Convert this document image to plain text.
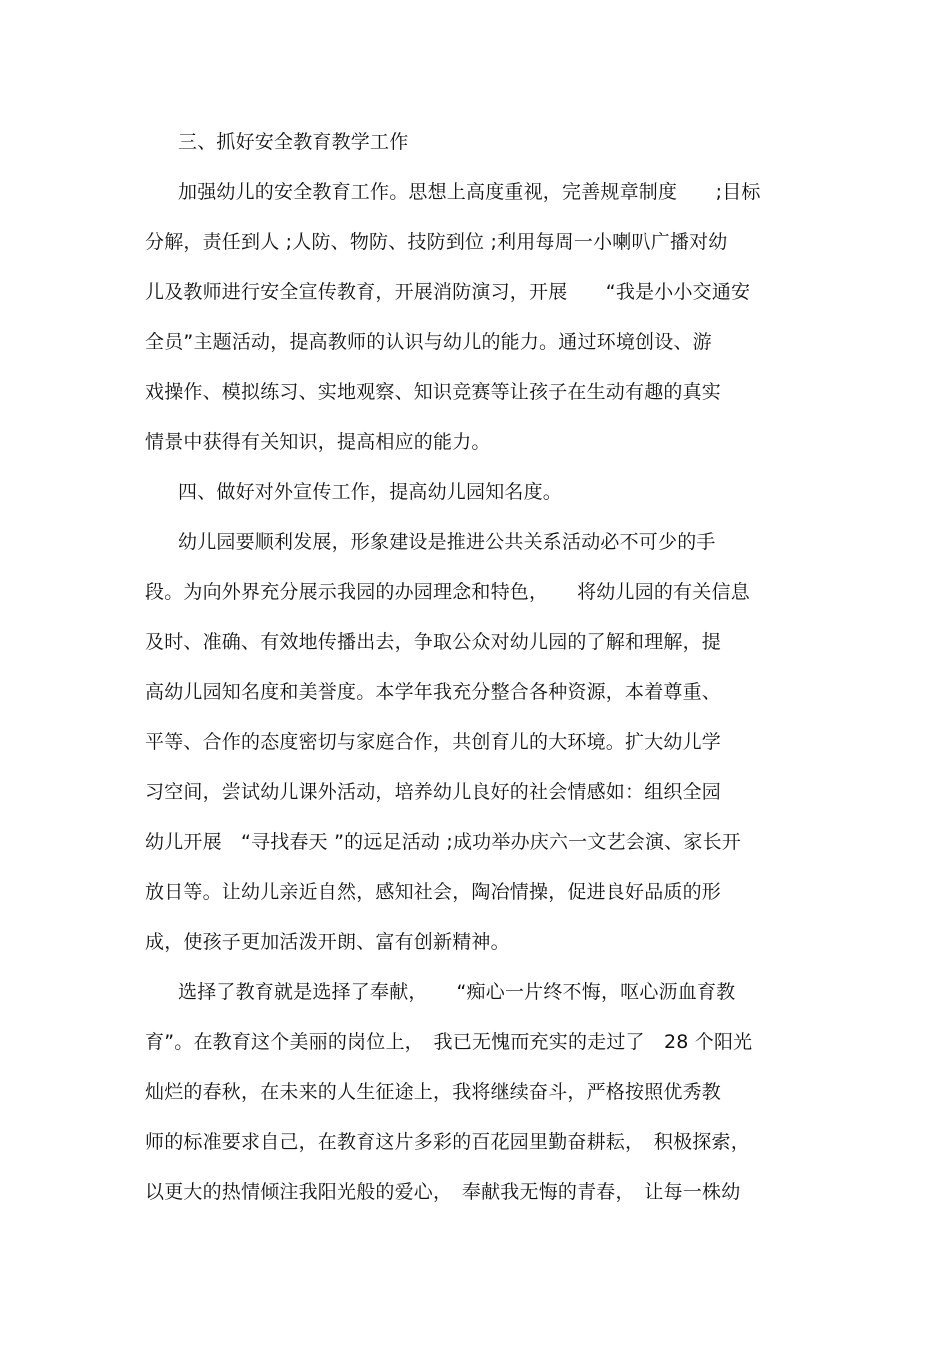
三、抓好安全教育教学工作
加强幼儿的安全教育工作。思想上高度重视，完善规章制度　　;目标
分解，责任到人 ;人防、物防、技防到位 ;利用每周一小喇叭广播对幼
儿及教师进行安全宣传教育，开展消防演习，开展　　“我是小小交通安
全员”主题活动，提高教师的认识与幼儿的能力。通过环境创设、游
戏操作、模拟练习、实地观察、知识竞赛等让孩子在生动有趣的真实
情景中获得有关知识，提高相应的能力。
四、做好对外宣传工作，提高幼儿园知名度。
幼儿园要顺利发展，形象建设是推进公共关系活动必不可少的手
段。为向外界充分展示我园的办园理念和特色，　　将幼儿园的有关信息
及时、准确、有效地传播出去，争取公众对幼儿园的了解和理解，提
高幼儿园知名度和美誉度。本学年我充分整合各种资源，本着尊重、
平等、合作的态度密切与家庭合作，共创育儿的大环境。扩大幼儿学
习空间，尝试幼儿课外活动，培养幼儿良好的社会情感如：组织全园
幼儿开展　“寻找春天 ”的远足活动 ;成功举办庆六一文艺会演、家长开
放日等。让幼儿亲近自然，感知社会，陶冶情操，促进良好品质的形
成，使孩子更加活泼开朗、富有创新精神。
选择了教育就是选择了奉献，　　“痴心一片终不悔，呕心沥血育教
育”。在教育这个美丽的岗位上，　我已无愧而充实的走过了　28 个阳光
灿烂的春秋，在未来的人生征途上，我将继续奋斗，严格按照优秀教
师的标准要求自己，在教育这片多彩的百花园里勤奋耕耘，　积极探索，
以更大的热情倾注我阳光般的爱心，　奉献我无悔的青春，　让每一株幼
